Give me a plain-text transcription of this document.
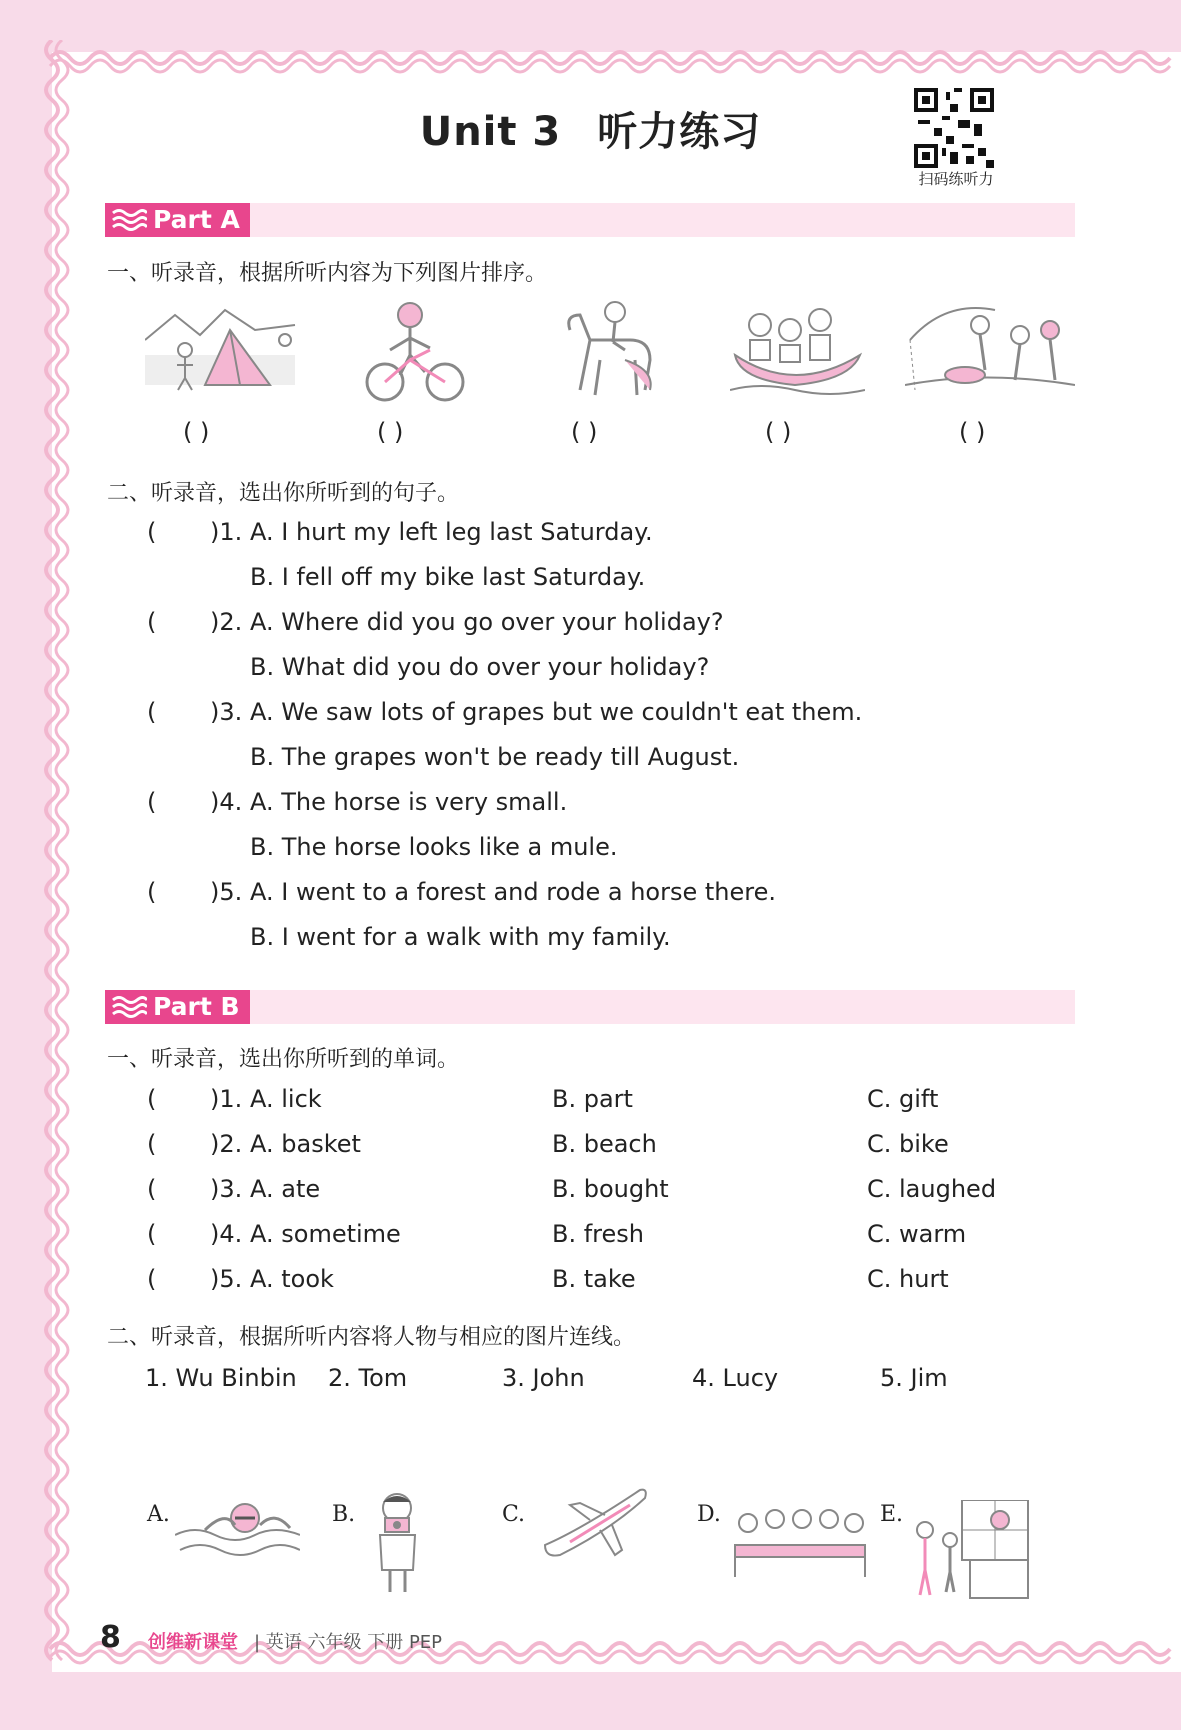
Unit 3 听力练习
扫码练听力
Part A
一、听录音，根据所听内容为下列图片排序。
( )	( )	( )	( )	( )
二、听录音，选出你所听到的句子。
( )1. A. I hurt my left leg last Saturday.
B. I fell off my bike last Saturday.
( )2. A. Where did you go over your holiday?
B. What did you do over your holiday?
( )3. A. We saw lots of grapes but we couldn't eat them.
B. The grapes won't be ready till August.
( )4. A. The horse is very small.
B. The horse looks like a mule.
( )5. A. I went to a forest and rode a horse there.
B. I went for a walk with my family.
Part B
一、听录音，选出你所听到的单词。
( )1. A. lick	B. part	C. gift
( )2. A. basket	B. beach	C. bike
( )3. A. ate	B. bought	C. laughed
( )4. A. sometime	B. fresh	C. warm
( )5. A. took	B. take	C. hurt
二、听录音，根据所听内容将人物与相应的图片连线。
1. Wu Binbin 2. Tom	3. John	4. Lucy	5. Jim
A.	B.	C.	D.	E.
8 创维新课堂 | 英语 六年级 下册 PEP
